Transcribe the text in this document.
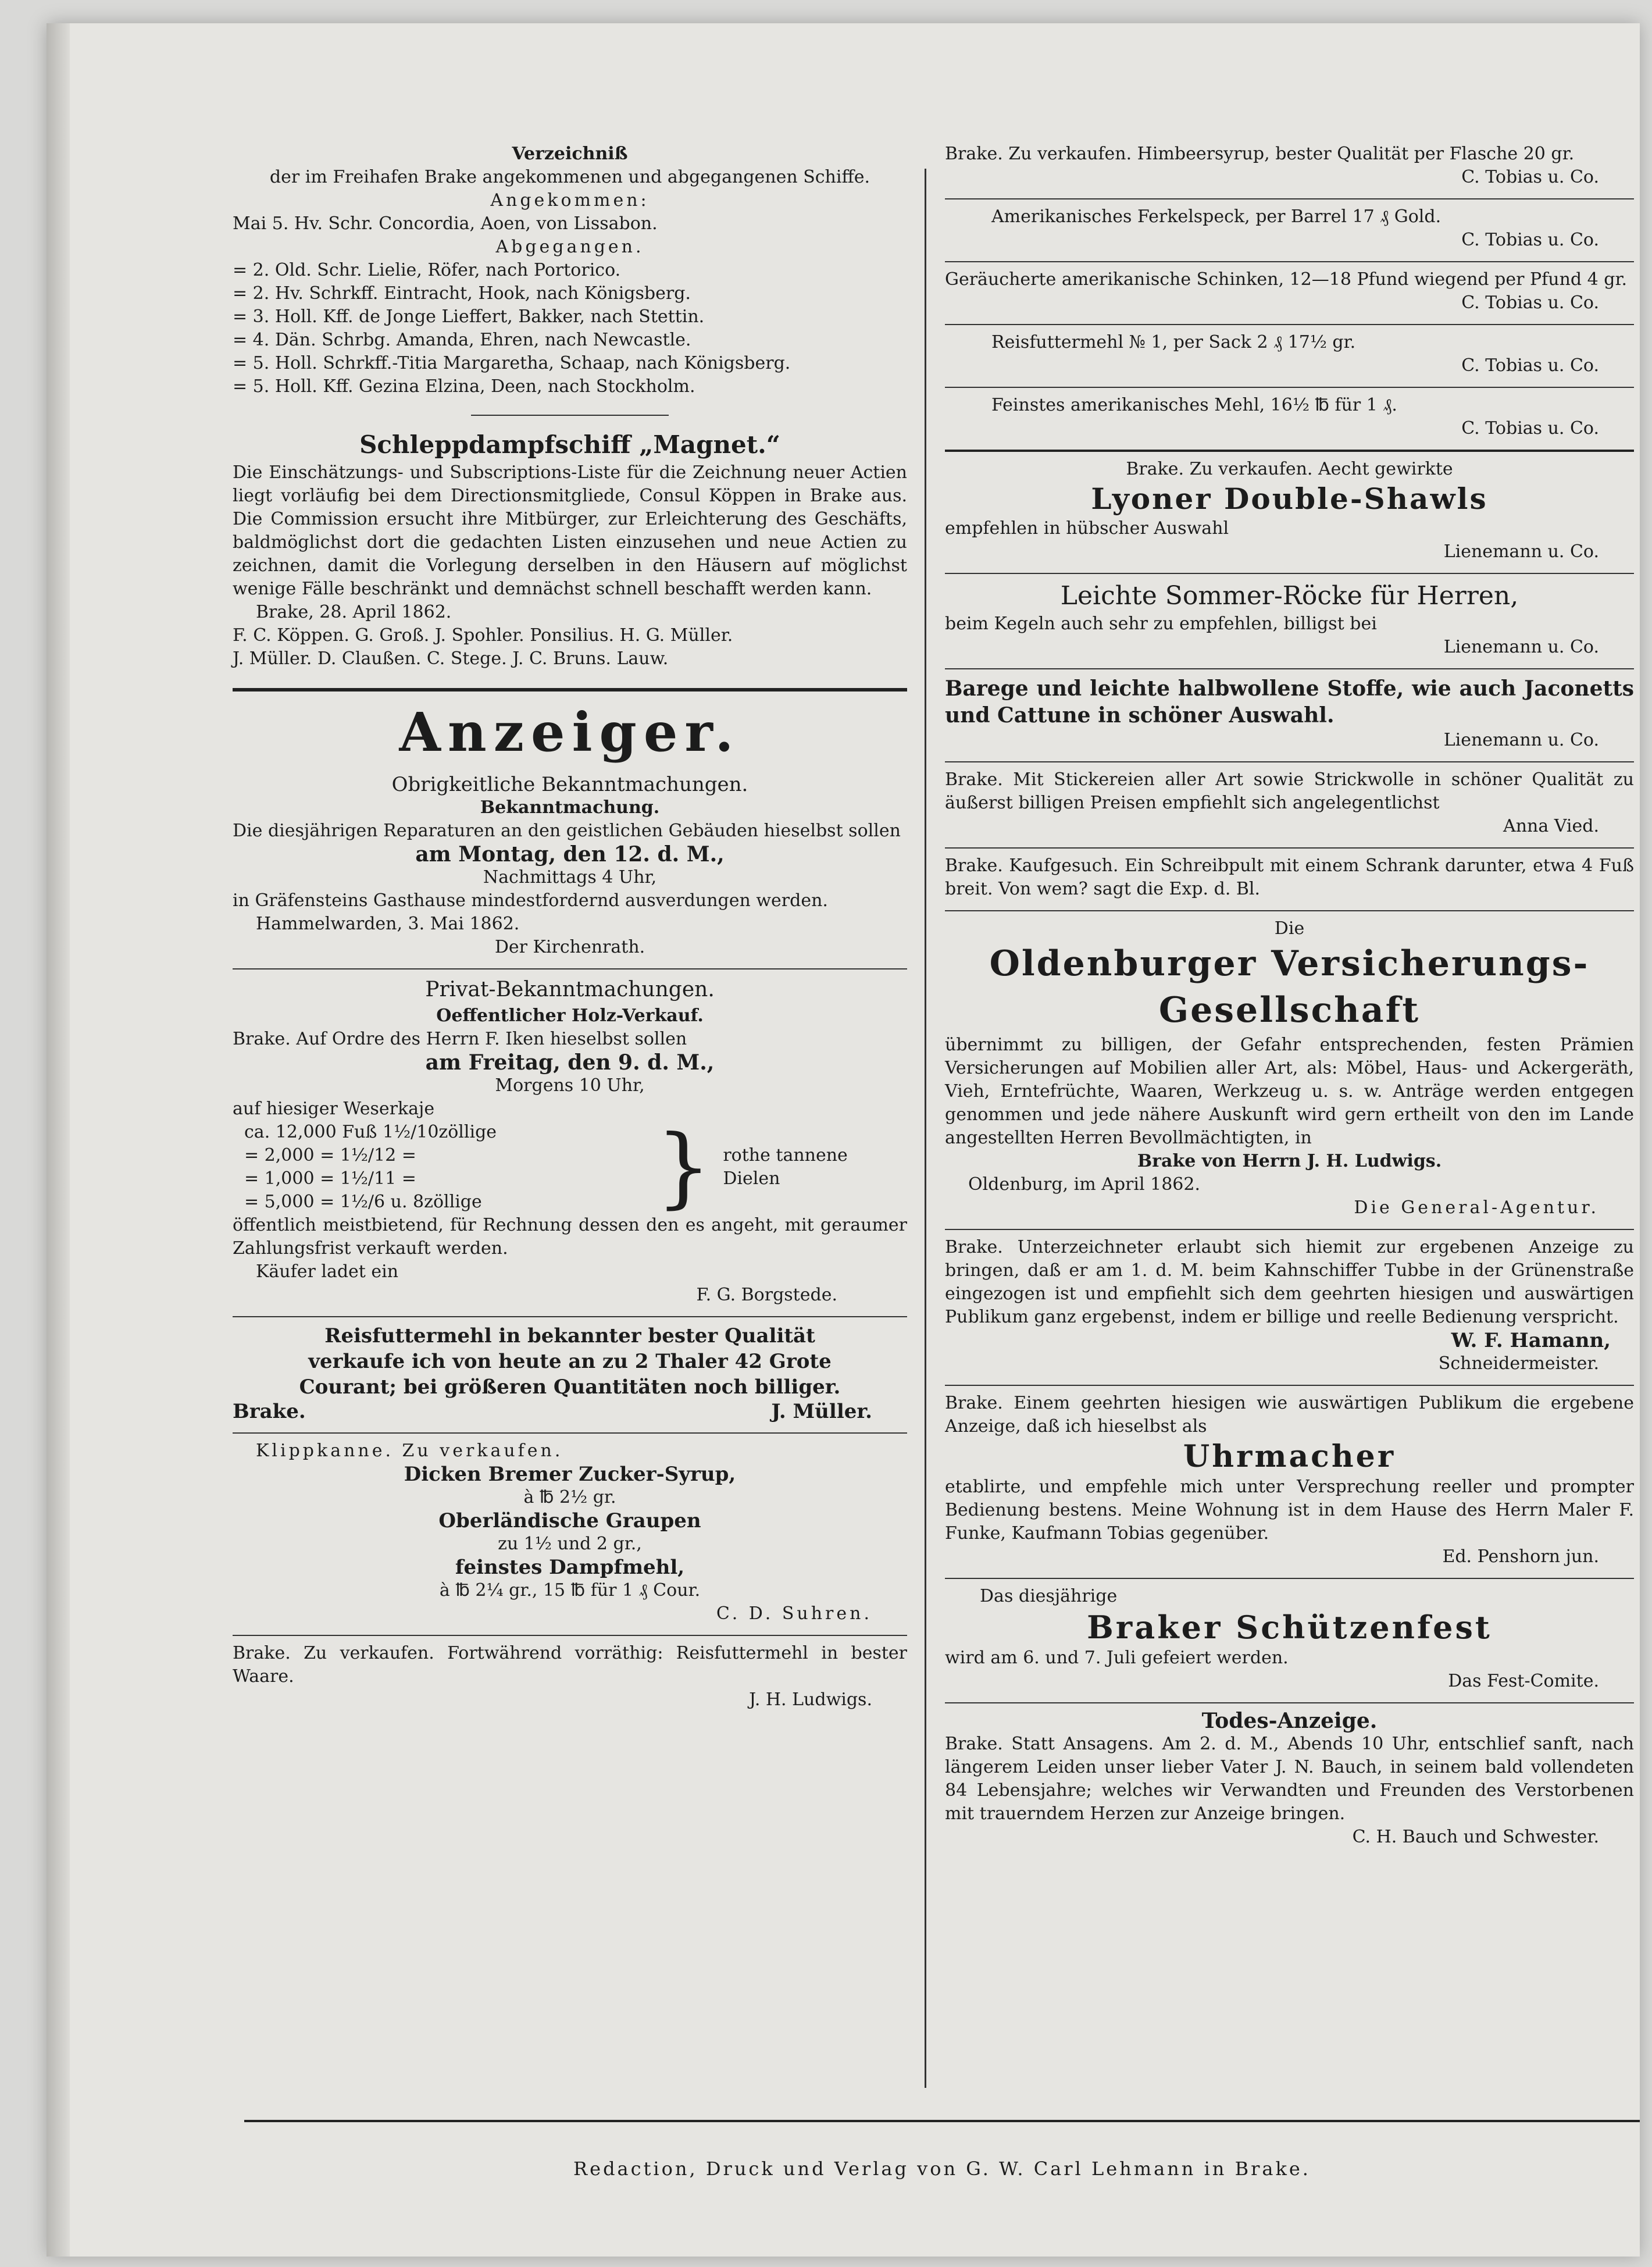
Verzeichniß

der im Freihafen Brake angekommenen und abgegangenen Schiffe.

Angekommen:

Mai 5. Hv. Schr. Concordia, Aoen, von Lissabon.

Abgegangen.

= 2. Old. Schr. Lielie, Röfer, nach Portorico.

= 2. Hv. Schrkff. Eintracht, Hook, nach Königsberg.

= 3. Holl. Kff. de Jonge Lieffert, Bakker, nach Stettin.

= 4. Dän. Schrbg. Amanda, Ehren, nach Newcastle.

= 5. Holl. Schrkff.-Titia Margaretha, Schaap, nach Königsberg.

= 5. Holl. Kff. Gezina Elzina, Deen, nach Stockholm.

Schleppdampfschiff „Magnet.“

Die Einschätzungs- und Subscriptions-Liste für die Zeichnung neuer Actien liegt vorläufig bei dem Directionsmitgliede, Consul Köppen in Brake aus. Die Commission ersucht ihre Mitbürger, zur Erleichterung des Geschäfts, baldmöglichst dort die gedachten Listen einzusehen und neue Actien zu zeichnen, damit die Vorlegung derselben in den Häusern auf möglichst wenige Fälle beschränkt und demnächst schnell beschafft werden kann.

Brake, 28. April 1862.

F. C. Köppen. G. Groß. J. Spohler. Ponsilius. H. G. Müller.

J. Müller. D. Claußen. C. Stege. J. C. Bruns. Lauw.

Anzeiger.

Obrigkeitliche Bekanntmachungen.

Bekanntmachung.

Die diesjährigen Reparaturen an den geistlichen Gebäuden hieselbst sollen

am Montag, den 12. d. M.,

Nachmittags 4 Uhr,

in Gräfensteins Gasthause mindestfordernd ausverdungen werden.

Hammelwarden, 3. Mai 1862.

Der Kirchenrath.

Privat-Bekanntmachungen.

Oeffentlicher Holz-Verkauf.

Brake. Auf Ordre des Herrn F. Iken hieselbst sollen

am Freitag, den 9. d. M.,

Morgens 10 Uhr,

auf hiesiger Weserkaje

ca. 12,000 Fuß 1½/10zöllige

= 2,000 = 1½/12 =

= 1,000 = 1½/11 =

= 5,000 = 1½/6 u. 8zöllige	} rothe tannene Dielen

öffentlich meistbietend, für Rechnung dessen den es angeht, mit geraumer Zahlungsfrist verkauft werden.

Käufer ladet ein

F. G. Borgstede.

Reisfuttermehl in bekannter bester Qualität

verkaufe ich von heute an zu 2 Thaler 42 Grote

Courant; bei größeren Quantitäten noch billiger.

Brake.	J. Müller.

Klippkanne. Zu verkaufen.

Dicken Bremer Zucker-Syrup,

à ℔ 2½ gr.

Oberländische Graupen

zu 1½ und 2 gr.,

feinstes Dampfmehl,

à ℔ 2¼ gr., 15 ℔ für 1 ₰ Cour.

C. D. Suhren.

Brake. Zu verkaufen. Fortwährend vorräthig: Reisfuttermehl in bester Waare.

J. H. Ludwigs.

Brake. Zu verkaufen. Himbeersyrup, bester Qualität per Flasche 20 gr.

C. Tobias u. Co.

Amerikanisches Ferkelspeck, per Barrel 17 ₰ Gold.

C. Tobias u. Co.

Geräucherte amerikanische Schinken, 12—18 Pfund wiegend per Pfund 4 gr.

C. Tobias u. Co.

Reisfuttermehl № 1, per Sack 2 ₰ 17½ gr.

C. Tobias u. Co.

Feinstes amerikanisches Mehl, 16½ ℔ für 1 ₰.

C. Tobias u. Co.

Brake. Zu verkaufen. Aecht gewirkte

Lyoner Double-Shawls

empfehlen in hübscher Auswahl

Lienemann u. Co.

Leichte Sommer-Röcke für Herren,

beim Kegeln auch sehr zu empfehlen, billigst bei

Lienemann u. Co.

Barege und leichte halbwollene Stoffe, wie auch Jaconetts und Cattune in schöner Auswahl.

Lienemann u. Co.

Brake. Mit Stickereien aller Art sowie Strickwolle in schöner Qualität zu äußerst billigen Preisen empfiehlt sich angelegentlichst

Anna Vied.

Brake. Kaufgesuch. Ein Schreibpult mit einem Schrank darunter, etwa 4 Fuß breit. Von wem? sagt die Exp. d. Bl.

Die

Oldenburger Versicherungs-

Gesellschaft

übernimmt zu billigen, der Gefahr entsprechenden, festen Prämien Versicherungen auf Mobilien aller Art, als: Möbel, Haus- und Ackergeräth, Vieh, Erntefrüchte, Waaren, Werkzeug u. s. w. Anträge werden entgegen genommen und jede nähere Auskunft wird gern ertheilt von den im Lande angestellten Herren Bevollmächtigten, in

Brake von Herrn J. H. Ludwigs.

Oldenburg, im April 1862.

Die General-Agentur.

Brake. Unterzeichneter erlaubt sich hiemit zur ergebenen Anzeige zu bringen, daß er am 1. d. M. beim Kahnschiffer Tubbe in der Grünenstraße eingezogen ist und empfiehlt sich dem geehrten hiesigen und auswärtigen Publikum ganz ergebenst, indem er billige und reelle Bedienung verspricht.

W. F. Hamann,

Schneidermeister.

Brake. Einem geehrten hiesigen wie auswärtigen Publikum die ergebene Anzeige, daß ich hieselbst als

Uhrmacher

etablirte, und empfehle mich unter Versprechung reeller und prompter Bedienung bestens. Meine Wohnung ist in dem Hause des Herrn Maler F. Funke, Kaufmann Tobias gegenüber.

Ed. Penshorn jun.

Das diesjährige

Braker Schützenfest

wird am 6. und 7. Juli gefeiert werden.

Das Fest-Comite.

Todes-Anzeige.

Brake. Statt Ansagens. Am 2. d. M., Abends 10 Uhr, entschlief sanft, nach längerem Leiden unser lieber Vater J. N. Bauch, in seinem bald vollendeten 84 Lebensjahre; welches wir Verwandten und Freunden des Verstorbenen mit trauerndem Herzen zur Anzeige bringen.

C. H. Bauch und Schwester.

Redaction, Druck und Verlag von G. W. Carl Lehmann in Brake.
